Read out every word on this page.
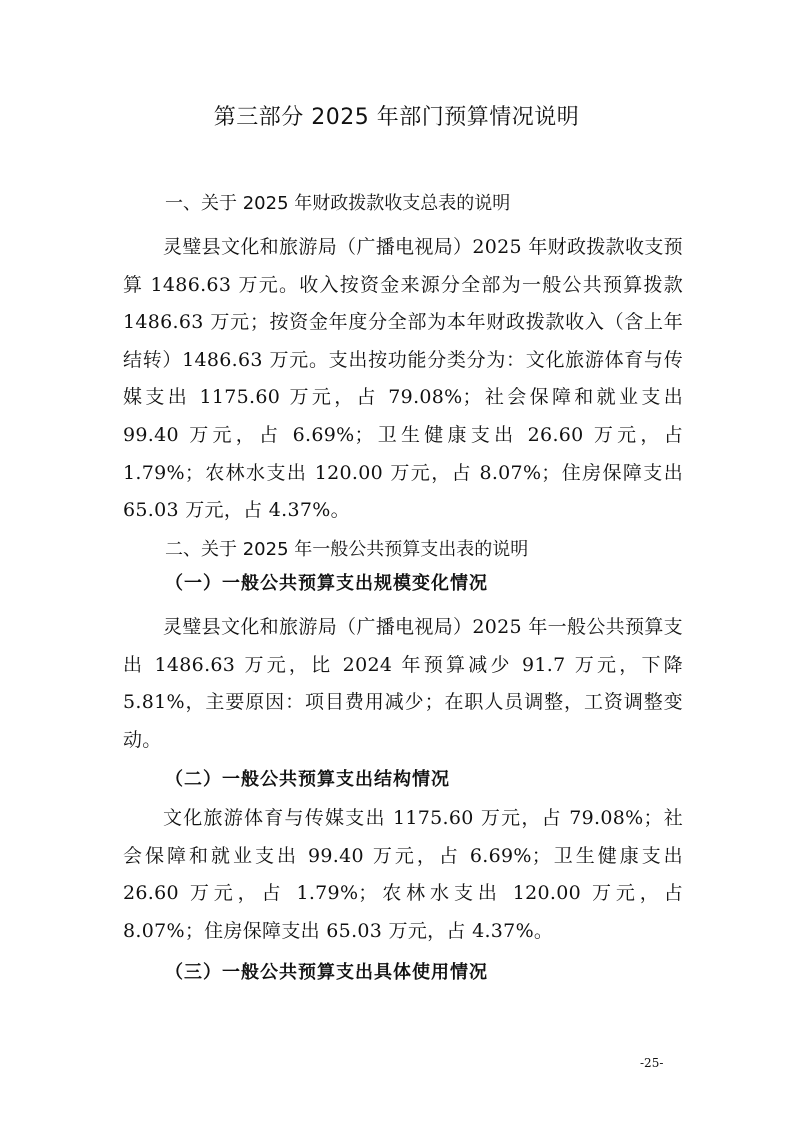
第三部分 2025 年部门预算情况说明
一、关于 2025 年财政拨款收支总表的说明

灵璧县文化和旅游局（广播电视局）2025 年财政拨款收支预算 1486.63 万元。收入按资金来源分全部为一般公共预算拨款 1486.63 万元；按资金年度分全部为本年财政拨款收入（含上年结转）1486.63 万元。支出按功能分类分为：文化旅游体育与传媒支出 1175.60 万元，占 79.08%；社会保障和就业支出 99.40 万元，占 6.69%；卫生健康支出 26.60 万元，占 1.79%；农林水支出 120.00 万元，占 8.07%；住房保障支出 65.03 万元，占 4.37%。

二、关于 2025 年一般公共预算支出表的说明
（一）一般公共预算支出规模变化情况

灵璧县文化和旅游局（广播电视局）2025 年一般公共预算支出 1486.63 万元，比 2024 年预算减少 91.7 万元，下降 5.81%，主要原因：项目费用减少；在职人员调整，工资调整变动。

（二）一般公共预算支出结构情况

文化旅游体育与传媒支出 1175.60 万元，占 79.08%；社会保障和就业支出 99.40 万元，占 6.69%；卫生健康支出 26.60 万元，占 1.79%；农林水支出 120.00 万元，占 8.07%；住房保障支出 65.03 万元，占 4.37%。

（三）一般公共预算支出具体使用情况
-25-
